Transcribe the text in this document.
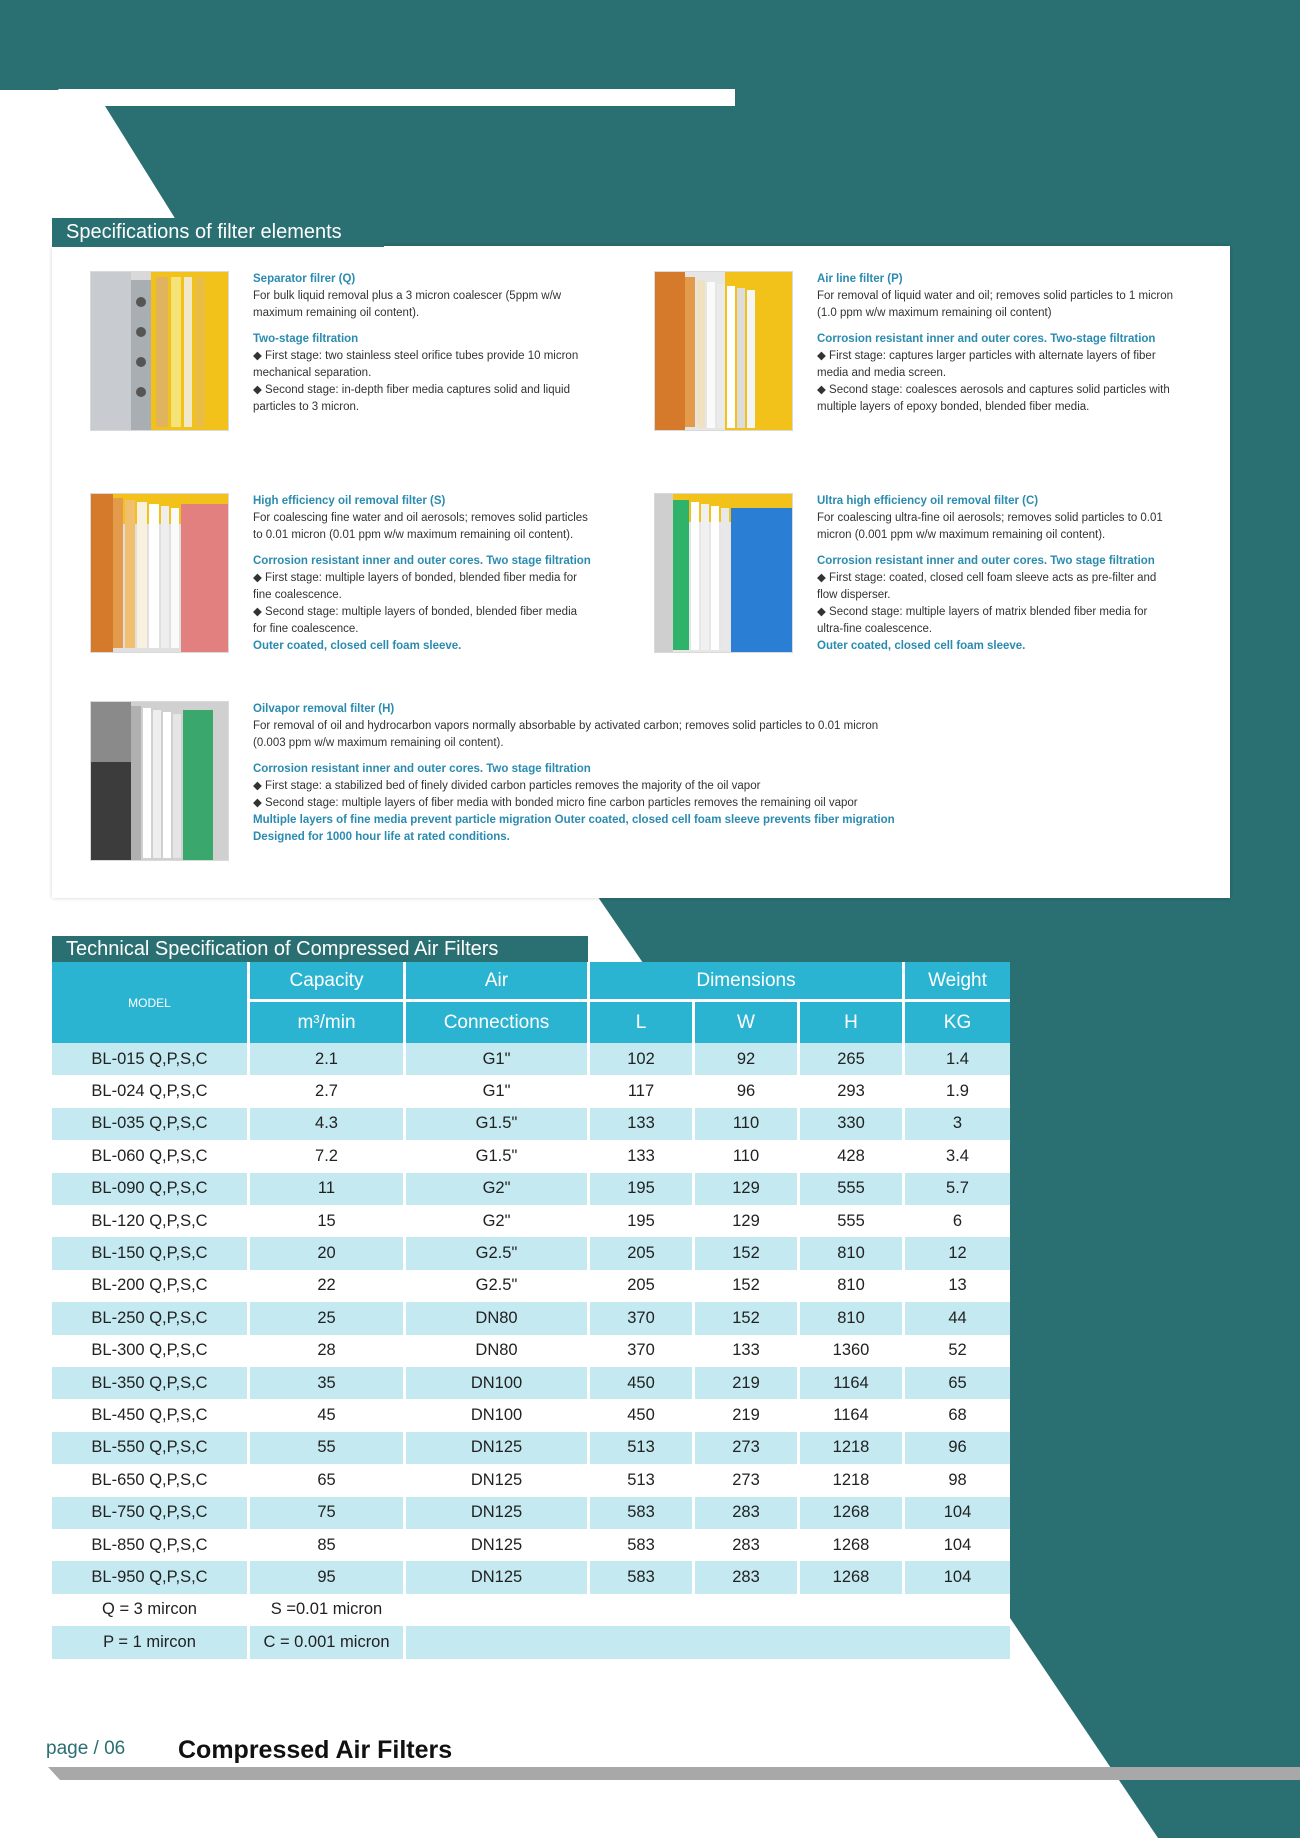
Specifications of filter elements
Separator filrer (Q)
For bulk liquid removal plus a 3 micron coalescer (5ppm w/w
maximum remaining oil content).
Two-stage filtration
◆ First stage: two stainless steel orifice tubes provide 10 micron
mechanical separation.
◆ Second stage: in-depth fiber media captures solid and liquid
particles to 3 micron.
Air line filter (P)
For removal of liquid water and oil; removes solid particles to 1 micron
(1.0 ppm w/w maximum remaining oil content)
Corrosion resistant inner and outer cores. Two-stage filtration
◆ First stage: captures larger particles with alternate layers of fiber
media and media screen.
◆ Second stage: coalesces aerosols and captures solid particles with
multiple layers of epoxy bonded, blended fiber media.
High efficiency oil removal filter (S)
For coalescing fine water and oil aerosols; removes solid particles
to 0.01 micron (0.01 ppm w/w maximum remaining oil content).
Corrosion resistant inner and outer cores. Two stage filtration
◆ First stage: multiple layers of bonded, blended fiber media for
fine coalescence.
◆ Second stage: multiple layers of bonded, blended fiber media
for fine coalescence.
Outer coated, closed cell foam sleeve.
Ultra high efficiency oil removal filter (C)
For coalescing ultra-fine oil aerosols; removes solid particles to 0.01
micron (0.001 ppm w/w maximum remaining oil content).
Corrosion resistant inner and outer cores. Two stage filtration
◆ First stage: coated, closed cell foam sleeve acts as pre-filter and
flow disperser.
◆ Second stage: multiple layers of matrix blended fiber media for
ultra-fine coalescence.
Outer coated, closed cell foam sleeve.
Oilvapor removal filter (H)
For removal of oil and hydrocarbon vapors normally absorbable by activated carbon; removes solid particles to 0.01 micron
(0.003 ppm w/w maximum remaining oil content).
Corrosion resistant inner and outer cores. Two stage filtration
◆ First stage: a stabilized bed of finely divided carbon particles removes the majority of the oil vapor
◆ Second stage: multiple layers of fiber media with bonded micro fine carbon particles removes the remaining oil vapor
Multiple layers of fine media prevent particle migration Outer coated, closed cell foam sleeve prevents fiber migration
Designed for 1000 hour life at rated conditions.
Technical Specification of Compressed Air Filters
MODEL
Capacity
m³/min
Air
Connections
Dimensions
L	W	H
Weight
KG
BL-015 Q,P,S,C	2.1	G1"	102	92	265	1.4
BL-024 Q,P,S,C	2.7	G1"	117	96	293	1.9
BL-035 Q,P,S,C	4.3	G1.5"	133	110	330	3
BL-060 Q,P,S,C	7.2	G1.5"	133	110	428	3.4
BL-090 Q,P,S,C	11	G2"	195	129	555	5.7
BL-120 Q,P,S,C	15	G2"	195	129	555	6
BL-150 Q,P,S,C	20	G2.5"	205	152	810	12
BL-200 Q,P,S,C	22	G2.5"	205	152	810	13
BL-250 Q,P,S,C	25	DN80	370	152	810	44
BL-300 Q,P,S,C	28	DN80	370	133	1360	52
BL-350 Q,P,S,C	35	DN100	450	219	1164	65
BL-450 Q,P,S,C	45	DN100	450	219	1164	68
BL-550 Q,P,S,C	55	DN125	513	273	1218	96
BL-650 Q,P,S,C	65	DN125	513	273	1218	98
BL-750 Q,P,S,C	75	DN125	583	283	1268	104
BL-850 Q,P,S,C	85	DN125	583	283	1268	104
BL-950 Q,P,S,C	95	DN125	583	283	1268	104
Q = 3 mircon	S =0.01 micron
P = 1 mircon	C = 0.001 micron
page / 06 Compressed Air Filters
